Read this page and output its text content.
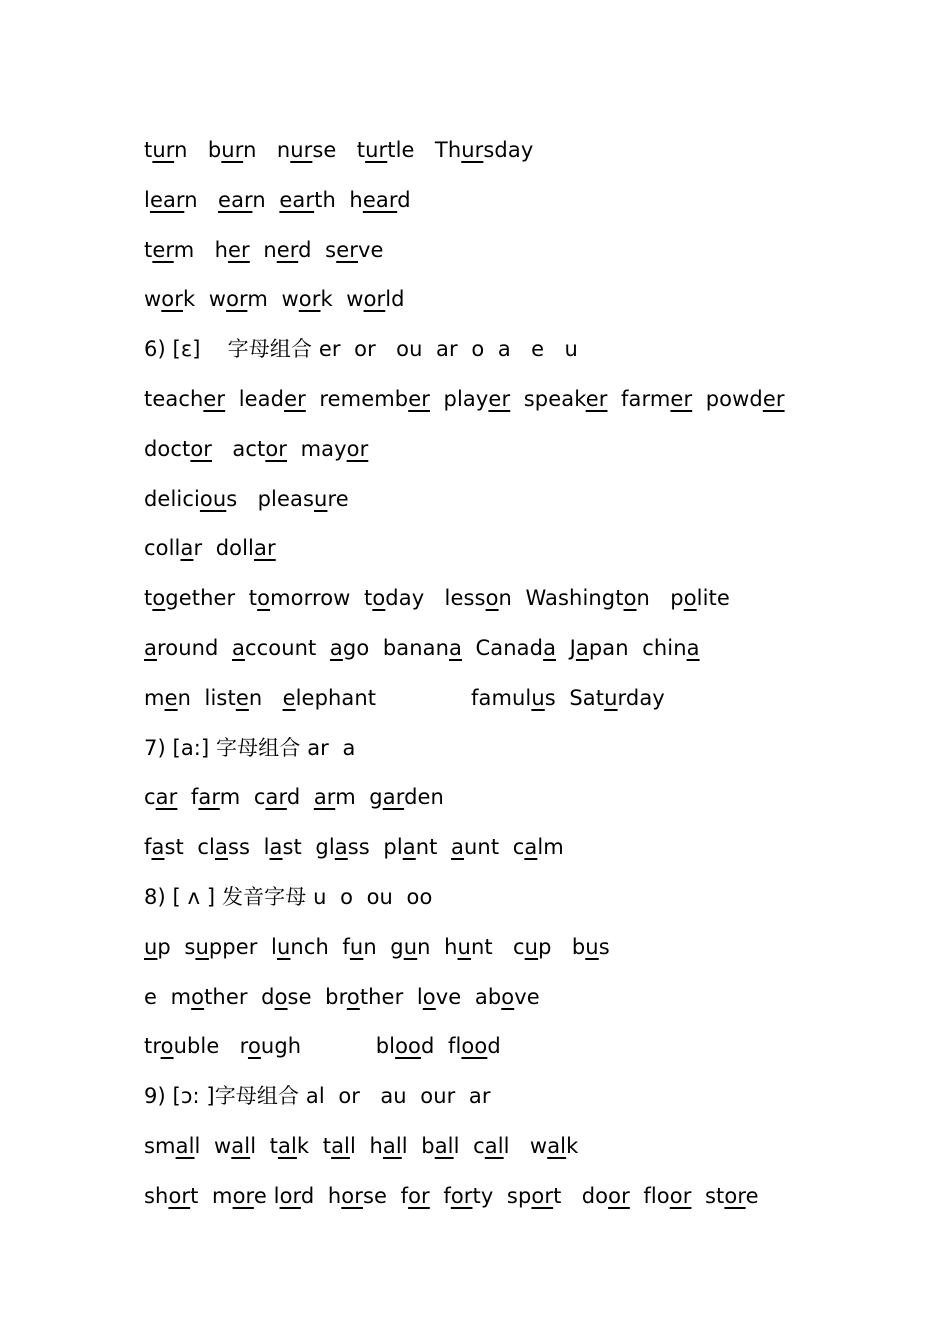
turn   burn   nurse   turtle   Thursday
learn   earn  earth  heard
term   her  nerd  serve
work  worm  work  world
6) [ε]    字母组合 er  or   ou  ar  o  a   e   u
teacher  leader  remember  player  speaker  farmer  powder
doctor   actor  mayor
delicious   pleasure
collar  dollar
together  tomorrow  today   lesson  Washington   polite
around  account  ago  banana  Canada  Japan  china
men  listen   elephant              famulus  Saturday
7) [a:] 字母组合 ar  a
car  farm  card  arm  garden
fast  class  last  glass  plant  aunt  calm
8) [ ʌ ] 发音字母 u  o  ou  oo
up  supper  lunch  fun  gun  hunt   cup   bus
e  mother  dose  brother  love  above
trouble   rough           blood  flood
9) [ɔ: ]字母组合 al  or   au  our  ar
small  wall  talk  tall  hall  ball  call   walk
short  more lord  horse  for  forty  sport   door  floor  store
